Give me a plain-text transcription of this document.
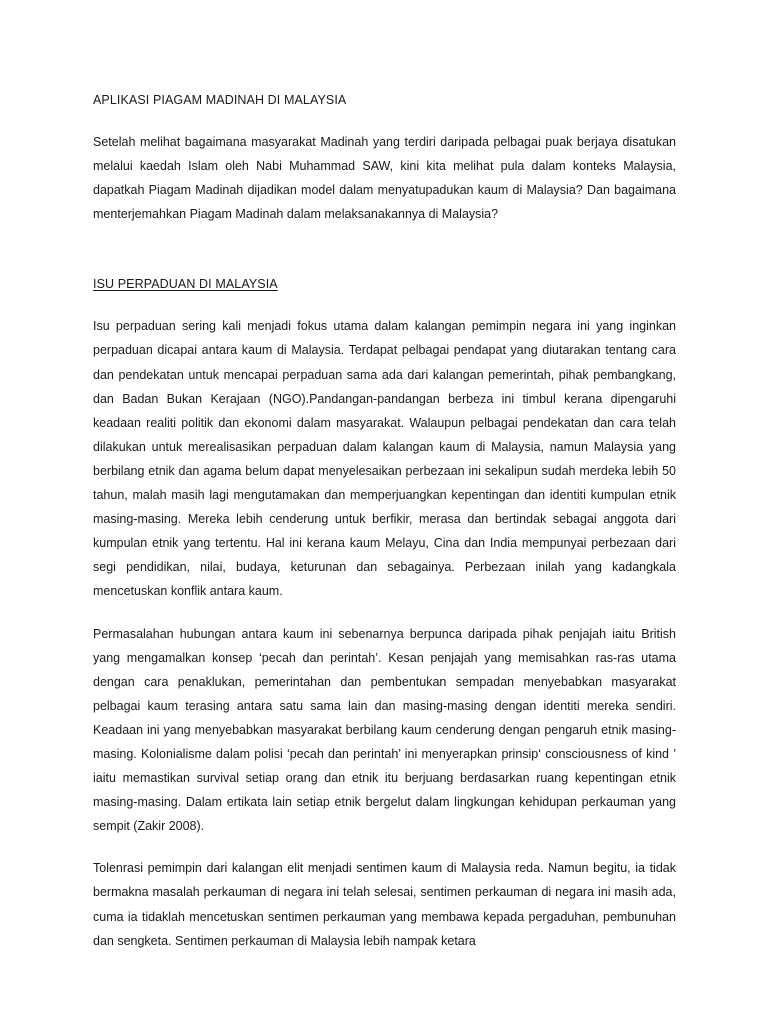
APLIKASI PIAGAM MADINAH DI MALAYSIA

Setelah melihat bagaimana masyarakat Madinah yang terdiri daripada pelbagai puak berjaya disatukan melalui kaedah Islam oleh Nabi Muhammad SAW, kini kita melihat pula dalam konteks Malaysia, dapatkah Piagam Madinah dijadikan model dalam menyatupadukan kaum di Malaysia? Dan bagaimana menterjemahkan Piagam Madinah dalam melaksanakannya di Malaysia?

ISU PERPADUAN DI MALAYSIA

Isu perpaduan sering kali menjadi fokus utama dalam kalangan pemimpin negara ini yang inginkan perpaduan dicapai antara kaum di Malaysia. Terdapat pelbagai pendapat yang diutarakan tentang cara dan pendekatan untuk mencapai perpaduan sama ada dari kalangan pemerintah, pihak pembangkang, dan Badan Bukan Kerajaan (NGO).Pandangan-pandangan berbeza ini timbul kerana dipengaruhi keadaan realiti politik dan ekonomi dalam masyarakat. Walaupun pelbagai pendekatan dan cara telah dilakukan untuk merealisasikan perpaduan dalam kalangan kaum di Malaysia, namun Malaysia yang berbilang etnik dan agama belum dapat menyelesaikan perbezaan ini sekalipun sudah merdeka lebih 50 tahun, malah masih lagi mengutamakan dan memperjuangkan kepentingan dan identiti kumpulan etnik masing-masing. Mereka lebih cenderung untuk berfikir, merasa dan bertindak sebagai anggota dari kumpulan etnik yang tertentu. Hal ini kerana kaum Melayu, Cina dan India mempunyai perbezaan dari segi pendidikan, nilai, budaya, keturunan dan sebagainya. Perbezaan inilah yang kadangkala mencetuskan konflik antara kaum.

Permasalahan hubungan antara kaum ini sebenarnya berpunca daripada pihak penjajah iaitu British yang mengamalkan konsep ‘pecah dan perintah’. Kesan penjajah yang memisahkan ras-ras utama dengan cara penaklukan, pemerintahan dan pembentukan sempadan menyebabkan masyarakat pelbagai kaum terasing antara satu sama lain dan masing-masing dengan identiti mereka sendiri. Keadaan ini yang menyebabkan masyarakat berbilang kaum cenderung dengan pengaruh etnik masing-masing. Kolonialisme dalam polisi ‘pecah dan perintah’ ini menyerapkan prinsip‘ consciousness of kind ’ iaitu memastikan survival setiap orang dan etnik itu berjuang berdasarkan ruang kepentingan etnik masing-masing. Dalam ertikata lain setiap etnik bergelut dalam lingkungan kehidupan perkauman yang sempit (Zakir 2008).

Tolenrasi pemimpin dari kalangan elit menjadi sentimen kaum di Malaysia reda. Namun begitu, ia tidak bermakna masalah perkauman di negara ini telah selesai, sentimen perkauman di negara ini masih ada, cuma ia tidaklah mencetuskan sentimen perkauman yang membawa kepada pergaduhan, pembunuhan dan sengketa. Sentimen perkauman di Malaysia lebih nampak ketara
